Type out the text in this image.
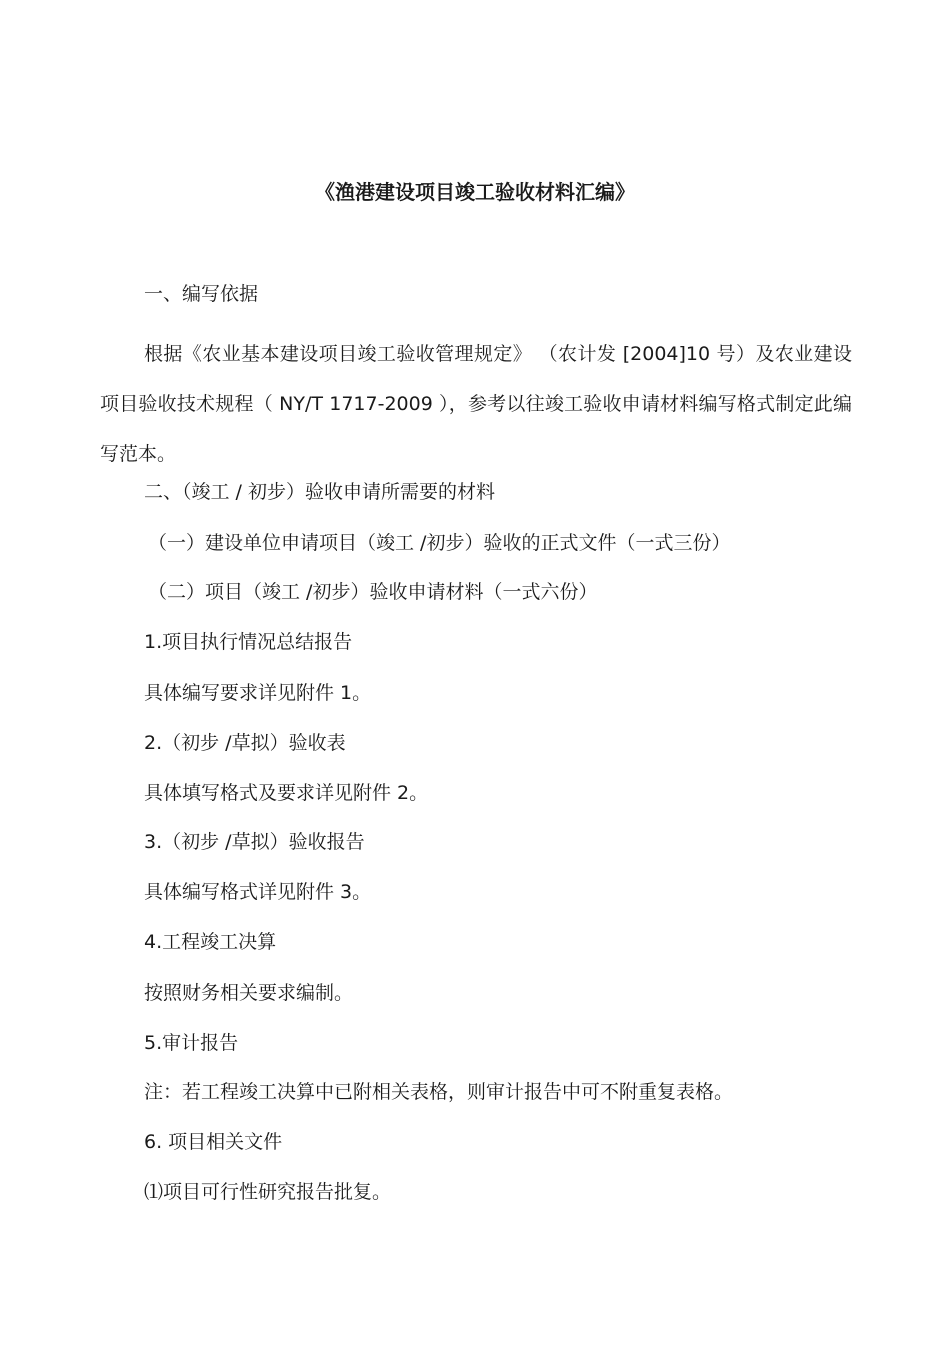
《渔港建设项目竣工验收材料汇编》

一、编写依据

根据《农业基本建设项目竣工验收管理规定》 （农计发 [2004]10 号）及农业建设项目验收技术规程（ NY/T 1717-2009 ），参考以往竣工验收申请材料编写格式制定此编写范本。

二、（竣工 / 初步）验收申请所需要的材料

（一）建设单位申请项目（竣工 /初步）验收的正式文件（一式三份）

（二）项目（竣工 /初步）验收申请材料（一式六份）

1.项目执行情况总结报告

具体编写要求详见附件 1。

2.（初步 /草拟）验收表

具体填写格式及要求详见附件 2。

3.（初步 /草拟）验收报告

具体编写格式详见附件 3。

4.工程竣工决算

按照财务相关要求编制。

5.审计报告

注：若工程竣工决算中已附相关表格，则审计报告中可不附重复表格。

6. 项目相关文件

⑴项目可行性研究报告批复。
